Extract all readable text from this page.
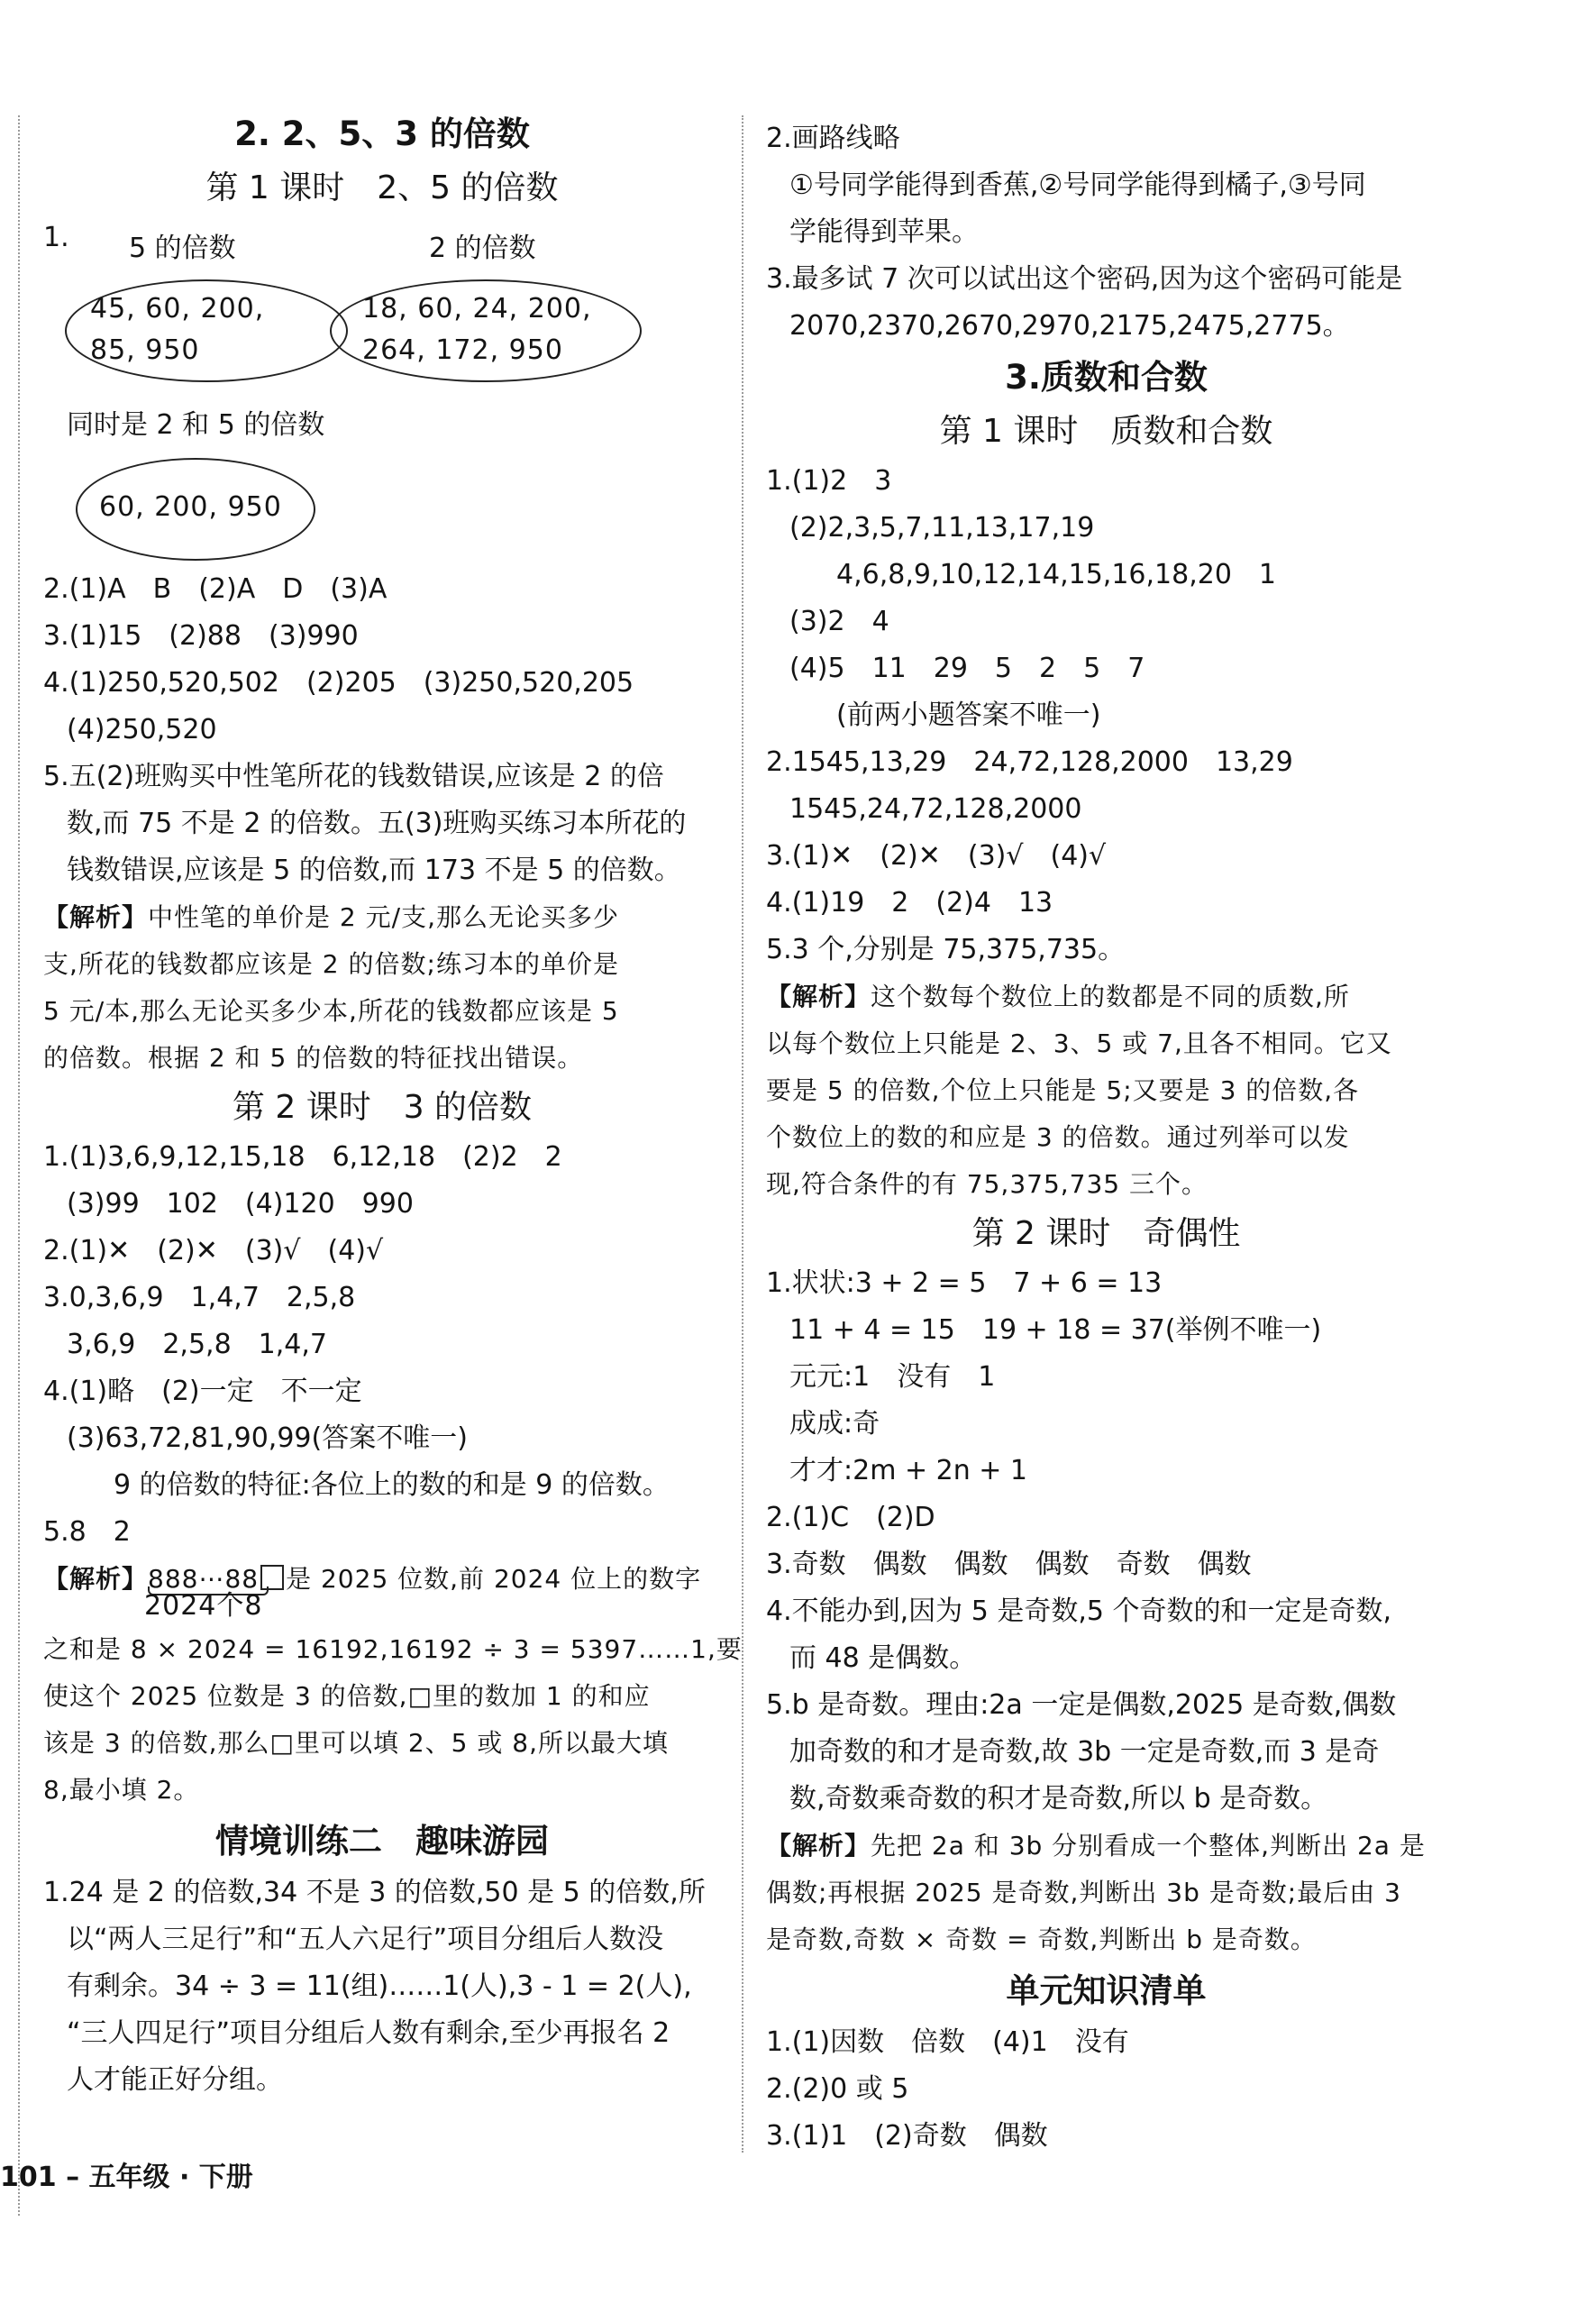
2. 2、5、3 的倍数
第 1 课时　2、5 的倍数
1. 5 的倍数	2 的倍数
45, 60, 200,
85, 950
18, 60, 24, 200,
264, 172, 950
同时是 2 和 5 的倍数
60, 200, 950
2.(1)A　B　(2)A　D　(3)A
3.(1)15　(2)88　(3)990
4.(1)250,520,502　(2)205　(3)250,520,205
(4)250,520
5.五(2)班购买中性笔所花的钱数错误,应该是 2 的倍
数,而 75 不是 2 的倍数。五(3)班购买练习本所花的
钱数错误,应该是 5 的倍数,而 173 不是 5 的倍数。
【解析】中性笔的单价是 2 元/支,那么无论买多少
支,所花的钱数都应该是 2 的倍数;练习本的单价是
5 元/本,那么无论买多少本,所花的钱数都应该是 5
的倍数。根据 2 和 5 的倍数的特征找出错误。
第 2 课时　3 的倍数
1.(1)3,6,9,12,15,18　6,12,18　(2)2　2
(3)99　102　(4)120　990
2.(1)✕　(2)✕　(3)√　(4)√
3.0,3,6,9　1,4,7　2,5,8
3,6,9　2,5,8　1,4,7
4.(1)略　(2)一定　不一定
(3)63,72,81,90,99(答案不唯一)
9 的倍数的特征:各位上的数的和是 9 的倍数。
5.8　2
【解析】888⋯88
2024个8
是 2025 位数,前 2024 位上的数字
之和是 8 × 2024 = 16192,16192 ÷ 3 = 5397……1,要
使这个 2025 位数是 3 的倍数,□里的数加 1 的和应
该是 3 的倍数,那么□里可以填 2、5 或 8,所以最大填
8,最小填 2。
情境训练二　趣味游园
1.24 是 2 的倍数,34 不是 3 的倍数,50 是 5 的倍数,所
以“两人三足行”和“五人六足行”项目分组后人数没
有剩余。34 ÷ 3 = 11(组)……1(人),3 - 1 = 2(人),
“三人四足行”项目分组后人数有剩余,至少再报名 2
人才能正好分组。
2.画路线略
①号同学能得到香蕉,②号同学能得到橘子,③号同
学能得到苹果。
3.最多试 7 次可以试出这个密码,因为这个密码可能是
2070,2370,2670,2970,2175,2475,2775。
3.质数和合数
第 1 课时　质数和合数
1.(1)2　3
(2)2,3,5,7,11,13,17,19
4,6,8,9,10,12,14,15,16,18,20　1
(3)2　4
(4)5　11　29　5　2　5　7
(前两小题答案不唯一)
2.1545,13,29　24,72,128,2000　13,29
1545,24,72,128,2000
3.(1)✕　(2)✕　(3)√　(4)√
4.(1)19　2　(2)4　13
5.3 个,分别是 75,375,735。
【解析】这个数每个数位上的数都是不同的质数,所
以每个数位上只能是 2、3、5 或 7,且各不相同。它又
要是 5 的倍数,个位上只能是 5;又要是 3 的倍数,各
个数位上的数的和应是 3 的倍数。通过列举可以发
现,符合条件的有 75,375,735 三个。
第 2 课时　奇偶性
1.状状:3 + 2 = 5　7 + 6 = 13
11 + 4 = 15　19 + 18 = 37(举例不唯一)
元元:1　没有　1
成成:奇
才才:2m + 2n + 1
2.(1)C　(2)D
3.奇数　偶数　偶数　偶数　奇数　偶数
4.不能办到,因为 5 是奇数,5 个奇数的和一定是奇数,
而 48 是偶数。
5.b 是奇数。理由:2a 一定是偶数,2025 是奇数,偶数
加奇数的和才是奇数,故 3b 一定是奇数,而 3 是奇
数,奇数乘奇数的积才是奇数,所以 b 是奇数。
【解析】先把 2a 和 3b 分别看成一个整体,判断出 2a 是
偶数;再根据 2025 是奇数,判断出 3b 是奇数;最后由 3
是奇数,奇数 × 奇数 = 奇数,判断出 b 是奇数。
单元知识清单
1.(1)因数　倍数　(4)1　没有
2.(2)0 或 5
3.(1)1　(2)奇数　偶数
101 – 五年级 · 下册
